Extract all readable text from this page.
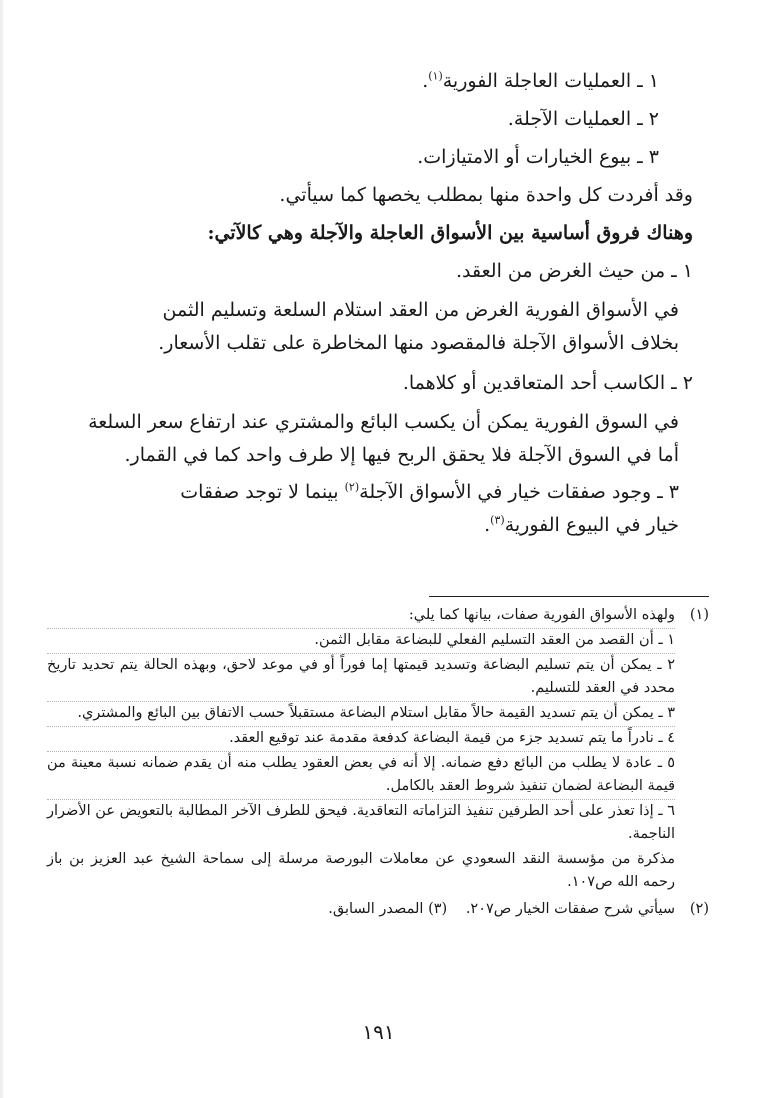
١ ـ العمليات العاجلة الفورية$^{(١)}$.
٢ ـ العمليات الآجلة.
٣ ـ بيوع الخيارات أو الامتيازات.
وقد أفردت كل واحدة منها بمطلب يخصها كما سيأتي.
وهناك فروق أساسية بين الأسواق العاجلة والآجلة وهي كالآتي:
١ ـ من حيث الغرض من العقد.
في الأسواق الفورية الغرض من العقد استلام السلعة وتسليم الثمن
بخلاف الأسواق الآجلة فالمقصود منها المخاطرة على تقلب الأسعار.
٢ ـ الكاسب أحد المتعاقدين أو كلاهما.
في السوق الفورية يمكن أن يكسب البائع والمشتري عند ارتفاع سعر السلعة
أما في السوق الآجلة فلا يحقق الربح فيها إلا طرف واحد كما في القمار.
٣ ـ وجود صفقات خيار في الأسواق الآجلة$^{(٢)}$ بينما لا توجد صفقات
خيار في البيوع الفورية$^{(٣)}$.
(١)
ولهذه الأسواق الفورية صفات، بيانها كما يلي:
١ ـ أن القصد من العقد التسليم الفعلي للبضاعة مقابل الثمن.
٢ ـ يمكن أن يتم تسليم البضاعة وتسديد قيمتها إما فوراً أو في موعد لاحق، وبهذه الحالة يتم تحديد تاريخ محدد في العقد للتسليم.
٣ ـ يمكن أن يتم تسديد القيمة حالاً مقابل استلام البضاعة مستقبلاً حسب الاتفاق بين البائع والمشتري.
٤ ـ نادراً ما يتم تسديد جزء من قيمة البضاعة كدفعة مقدمة عند توقيع العقد.
٥ ـ عادة لا يطلب من البائع دفع ضمانه. إلا أنه في بعض العقود يطلب منه أن يقدم ضمانه نسبة معينة من قيمة البضاعة لضمان تنفيذ شروط العقد بالكامل.
٦ ـ إذا تعذر على أحد الطرفين تنفيذ التزاماته التعاقدية. فيحق للطرف الآخر المطالبة بالتعويض عن الأضرار الناجمة.
مذكرة من مؤسسة النقد السعودي عن معاملات البورصة مرسلة إلى سماحة الشيخ عبد العزيز بن باز رحمه الله ص١٠٧.
(٢)
سيأتي شرح صفقات الخيار ص٢٠٧. (٣) المصدر السابق.
١٩١
